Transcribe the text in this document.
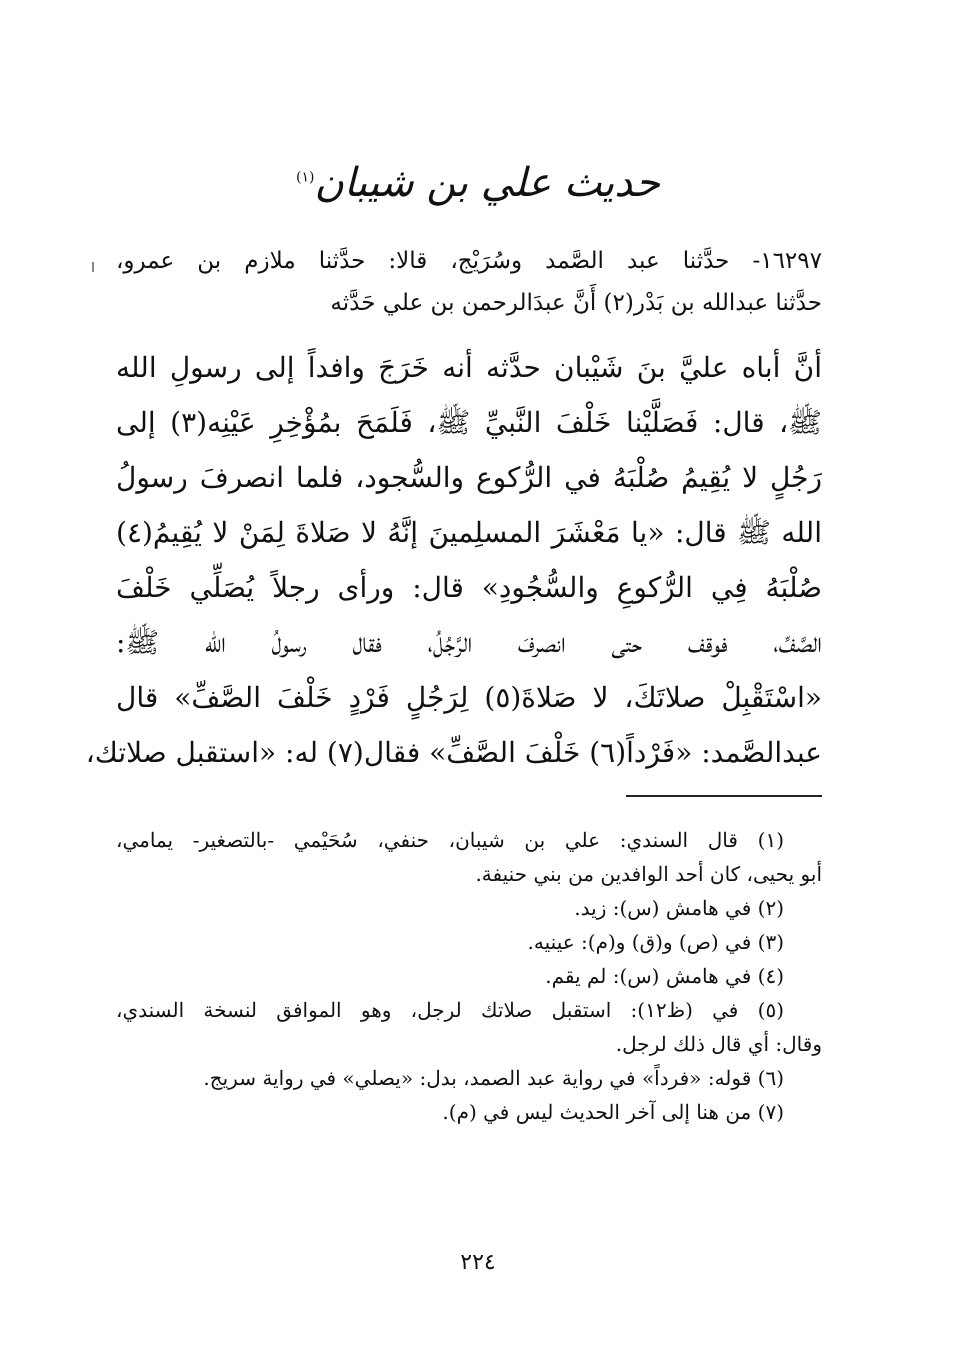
حديث علي بن شيبان$^{(١)}$
١٦٢٩٧- حدَّثنا عبد الصَّمد وسُرَيْج، قالا: حدَّثنا ملازم بن عمرو،
حدَّثنا عبدالله بن بَدْر(٢) أَنَّ عبدَالرحمن بن علي حَدَّثه
أنَّ أباه عليَّ بنَ شَيْبان حدَّثه أنه خَرَجَ وافداً إلى رسولِ الله
ﷺ، قال: فَصَلَّيْنا خَلْفَ النَّبيِّ ﷺ، فَلَمَحَ بمُؤْخِرِ عَيْنِه(٣) إلى
رَجُلٍ لا يُقِيمُ صُلْبَهُ في الرُّكوع والسُّجود، فلما انصرفَ رسولُ
الله ﷺ قال: «يا مَعْشَرَ المسلِمينَ إنَّهُ لا صَلاةَ لِمَنْ لا يُقِيمُ(٤)
صُلْبَهُ فِي الرُّكوعِ والسُّجُودِ» قال: ورأى رجلاً يُصَلِّي خَلْفَ
الصَّفِّ، فوقف حتى انصرفَ الرَّجُلُ، فقال رسولُ الله ﷺ:
«اسْتَقْبِلْ صلاتَكَ، لا صَلاةَ(٥) لِرَجُلٍ فَرْدٍ خَلْفَ الصَّفِّ» قال
عبدالصَّمد: «فَرْداً(٦) خَلْفَ الصَّفِّ» فقال(٧) له: «استقبل صلاتك،
(١) قال السندي: علي بن شيبان، حنفي، سُحَيْمي -بالتصغير- يمامي،
أبو يحيى، كان أحد الوافدين من بني حنيفة.
(٢) في هامش (س): زيد.
(٣) في (ص) و(ق) و(م): عينيه.
(٤) في هامش (س): لم يقم.
(٥) في (ظ١٢): استقبل صلاتك لرجل، وهو الموافق لنسخة السندي،
وقال: أي قال ذلك لرجل.
(٦) قوله: «فرداً» في رواية عبد الصمد، بدل: «يصلي» في رواية سريج.
(٧) من هنا إلى آخر الحديث ليس في (م).
٢٢٤
